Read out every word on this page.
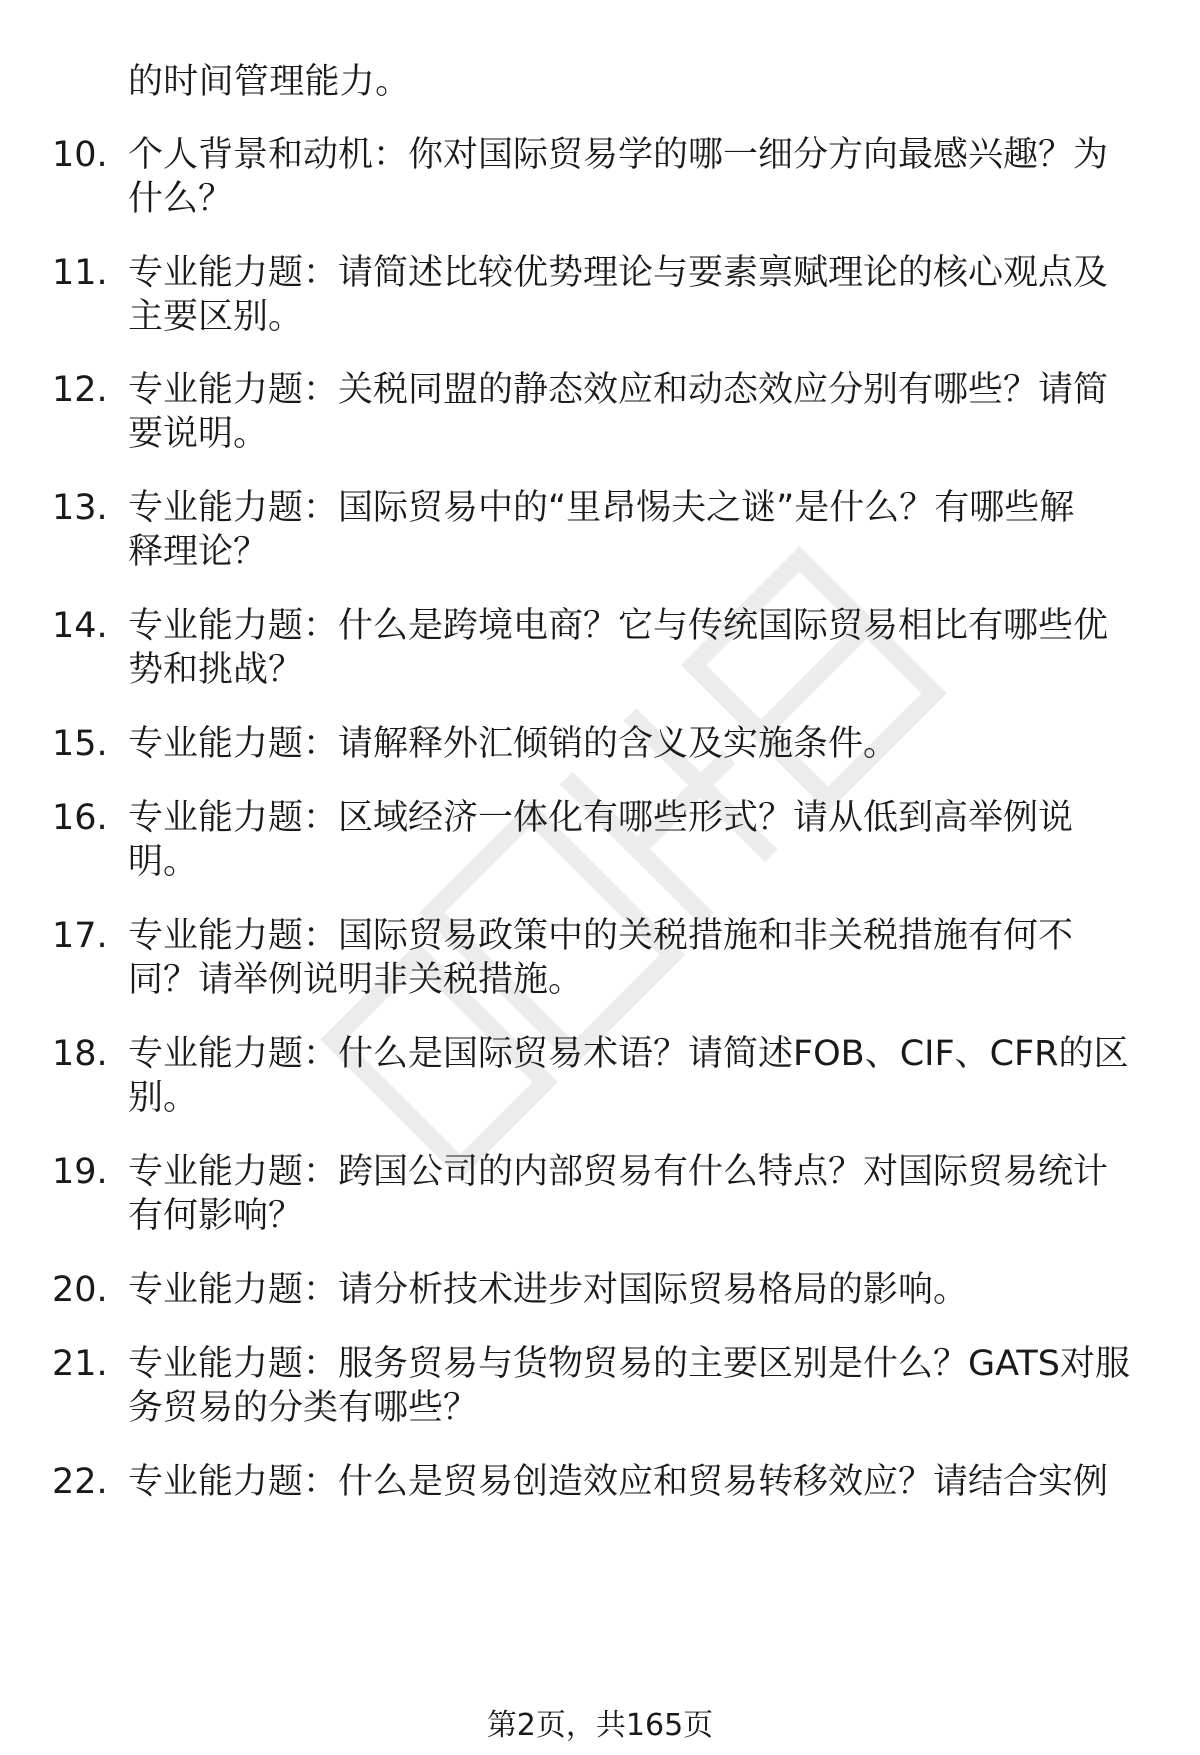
的时间管理能力。
10. 个人背景和动机：你对国际贸易学的哪一细分方向最感兴趣？为
什么？
11. 专业能力题：请简述比较优势理论与要素禀赋理论的核心观点及
主要区别。
12. 专业能力题：关税同盟的静态效应和动态效应分别有哪些？请简
要说明。
13. 专业能力题：国际贸易中的“里昂惕夫之谜”是什么？有哪些解
释理论？
14. 专业能力题：什么是跨境电商？它与传统国际贸易相比有哪些优
势和挑战？
15. 专业能力题：请解释外汇倾销的含义及实施条件。
16. 专业能力题：区域经济一体化有哪些形式？请从低到高举例说
明。
17. 专业能力题：国际贸易政策中的关税措施和非关税措施有何不
同？请举例说明非关税措施。
18. 专业能力题：什么是国际贸易术语？请简述FOB、CIF、CFR的区
别。
19. 专业能力题：跨国公司的内部贸易有什么特点？对国际贸易统计
有何影响？
20. 专业能力题：请分析技术进步对国际贸易格局的影响。
21. 专业能力题：服务贸易与货物贸易的主要区别是什么？GATS对服
务贸易的分类有哪些？
22. 专业能力题：什么是贸易创造效应和贸易转移效应？请结合实例
第2页，共165页
